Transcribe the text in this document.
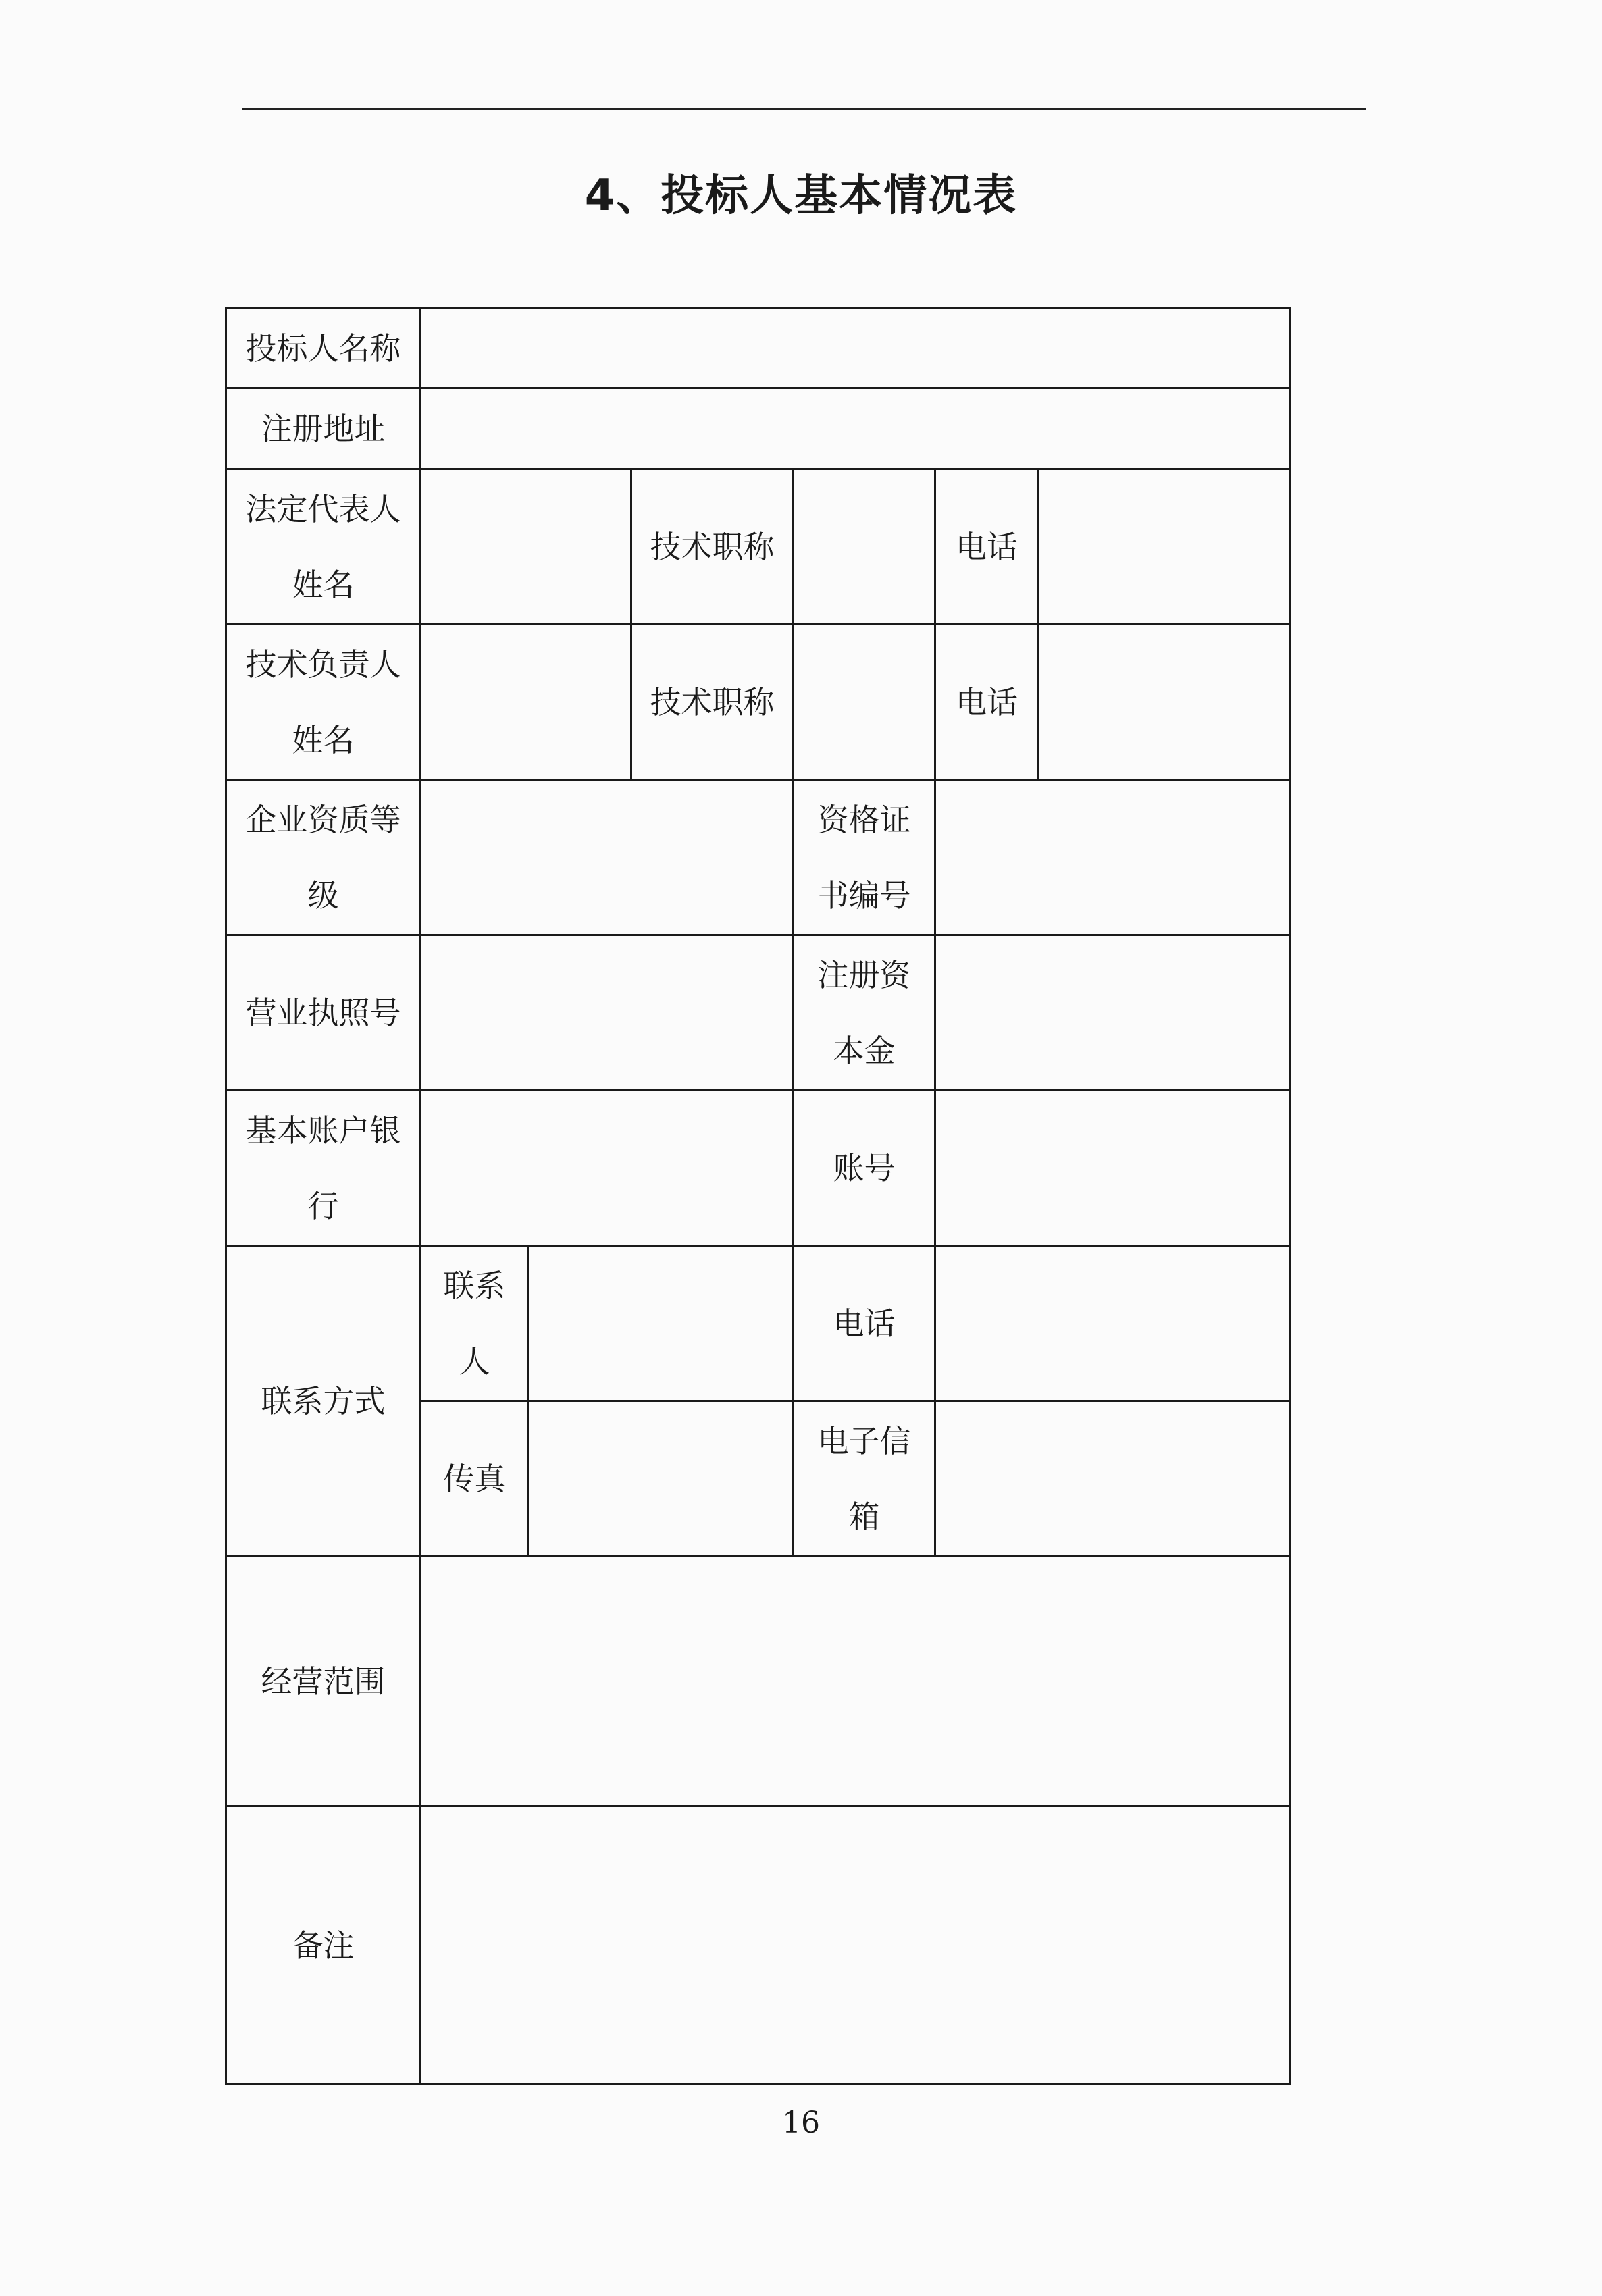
4、投标人基本情况表
投标人名称						
注册地址						
法定代表人姓名			技术职称		电话	
技术负责人姓名			技术职称		电话	
企业资质等级				资格证书编号		
营业执照号				注册资本金		
基本账户银行				账号		
联系方式	联系人			电话		
	传真			电子信箱		
经营范围						
备注						
16
